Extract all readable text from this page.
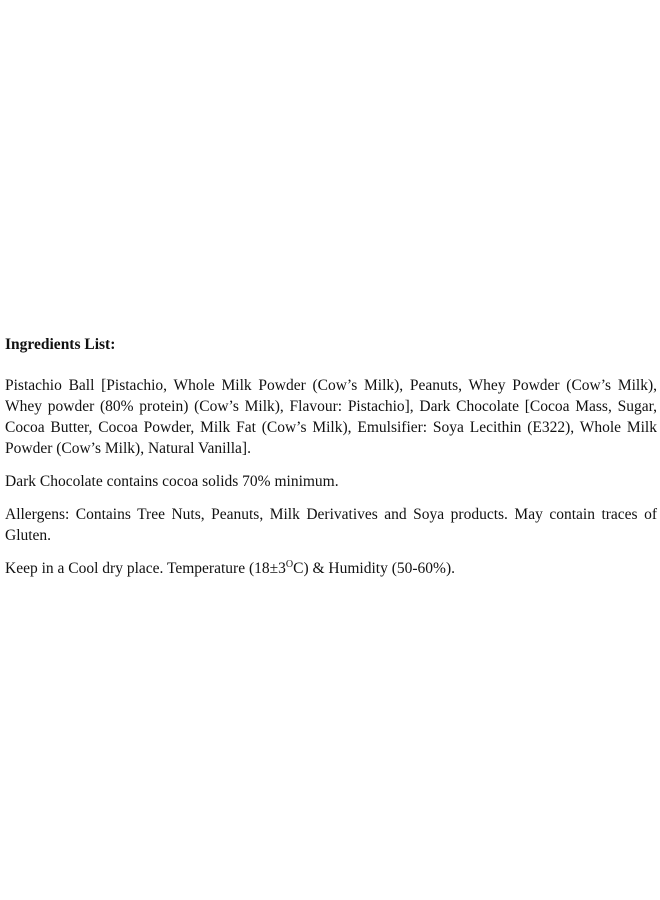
Ingredients List:

Pistachio Ball [Pistachio, Whole Milk Powder (Cow’s Milk), Peanuts, Whey Powder (Cow’s Milk), Whey powder (80% protein) (Cow’s Milk), Flavour: Pistachio], Dark Chocolate [Cocoa Mass, Sugar, Cocoa Butter, Cocoa Powder, Milk Fat (Cow’s Milk), Emulsifier: Soya Lecithin (E322), Whole Milk Powder (Cow’s Milk), Natural Vanilla].

Dark Chocolate contains cocoa solids 70% minimum.

Allergens: Contains Tree Nuts, Peanuts, Milk Derivatives and Soya products. May contain traces of Gluten.

Keep in a Cool dry place. Temperature $(18\pm 3^OC)$ & Humidity (50-60%).
